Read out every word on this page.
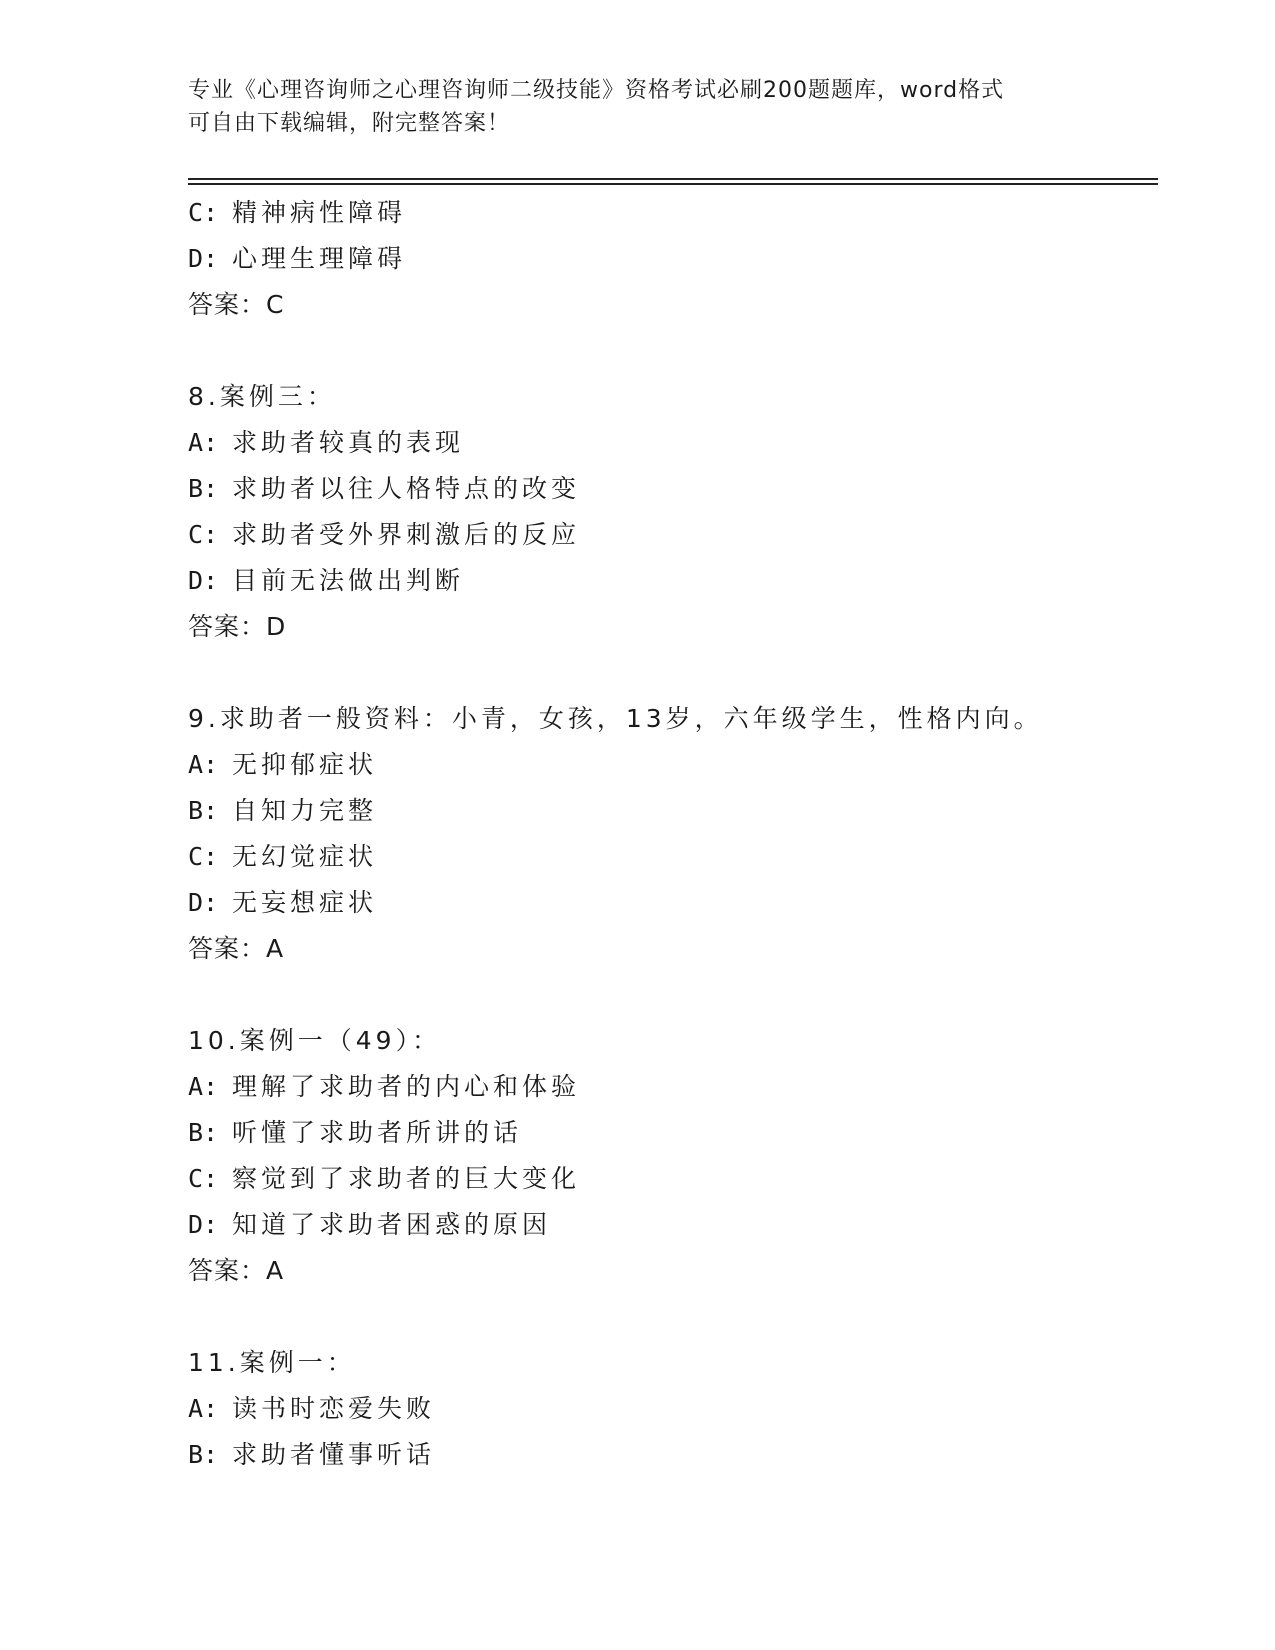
专业《心理咨询师之心理咨询师二级技能》资格考试必刷200题题库，word格式
可自由下载编辑，附完整答案！
C: 精神病性障碍
D: 心理生理障碍
答案：C
8.案例三：
A: 求助者较真的表现
B: 求助者以往人格特点的改变
C: 求助者受外界刺激后的反应
D: 目前无法做出判断
答案：D
9.求助者一般资料：小青，女孩，13岁，六年级学生，性格内向。
A: 无抑郁症状
B: 自知力完整
C: 无幻觉症状
D: 无妄想症状
答案：A
10.案例一（49）：
A: 理解了求助者的内心和体验
B: 听懂了求助者所讲的话
C: 察觉到了求助者的巨大变化
D: 知道了求助者困惑的原因
答案：A
11.案例一：
A: 读书时恋爱失败
B: 求助者懂事听话
